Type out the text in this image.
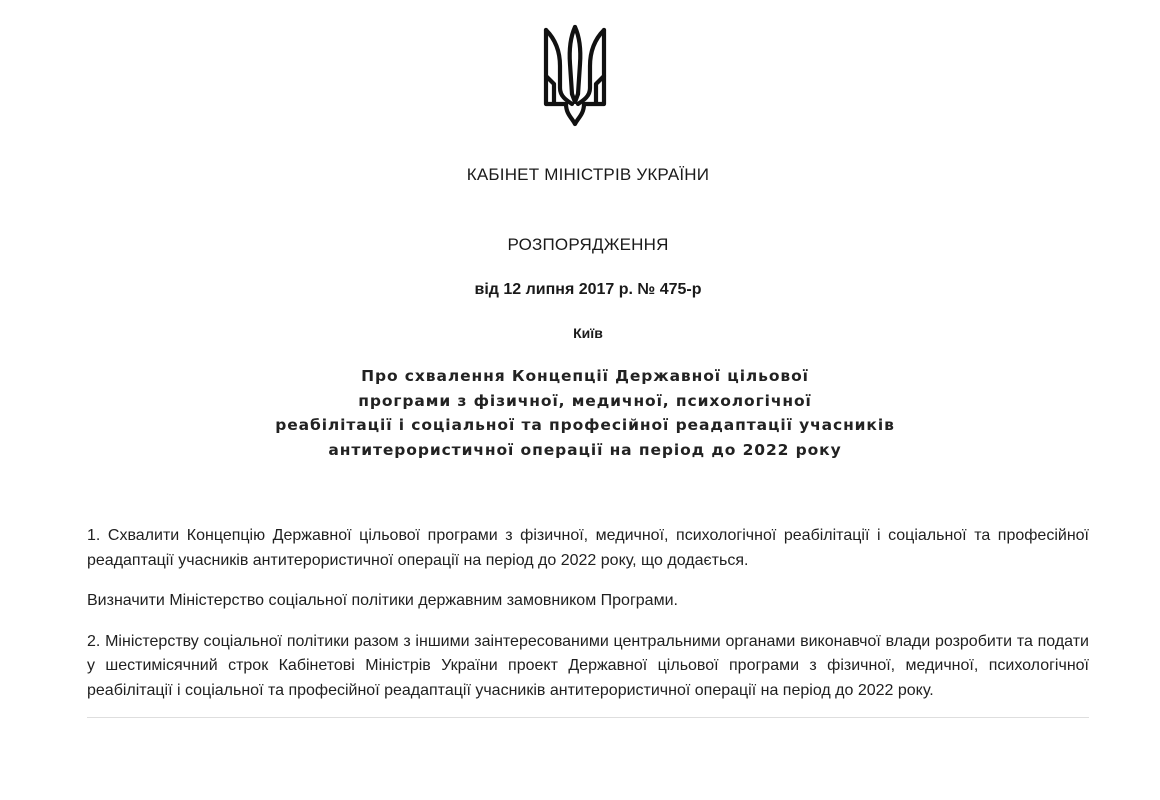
КАБІНЕТ МІНІСТРІВ УКРАЇНИ
РОЗПОРЯДЖЕННЯ
від 12 липня 2017 р. № 475-р
Київ
Про схвалення Концепції Державної цільової
програми з фізичної, медичної, психологічної
реабілітації і соціальної та професійної реадаптації учасників
антитерористичної операції на період до 2022 року

1. Схвалити Концепцію Державної цільової програми з фізичної, медичної, психологічної реабілітації і соціальної та професійної реадаптації учасників антитерористичної операції на період до 2022 року, що додається.

Визначити Міністерство соціальної політики державним замовником Програми.

2. Міністерству соціальної політики разом з іншими заінтересованими центральними органами виконавчої влади розробити та подати у шестимісячний строк Кабінетові Міністрів України проект Державної цільової програми з фізичної, медичної, психологічної реабілітації і соціальної та професійної реадаптації учасників антитерористичної операції на період до 2022 року.
